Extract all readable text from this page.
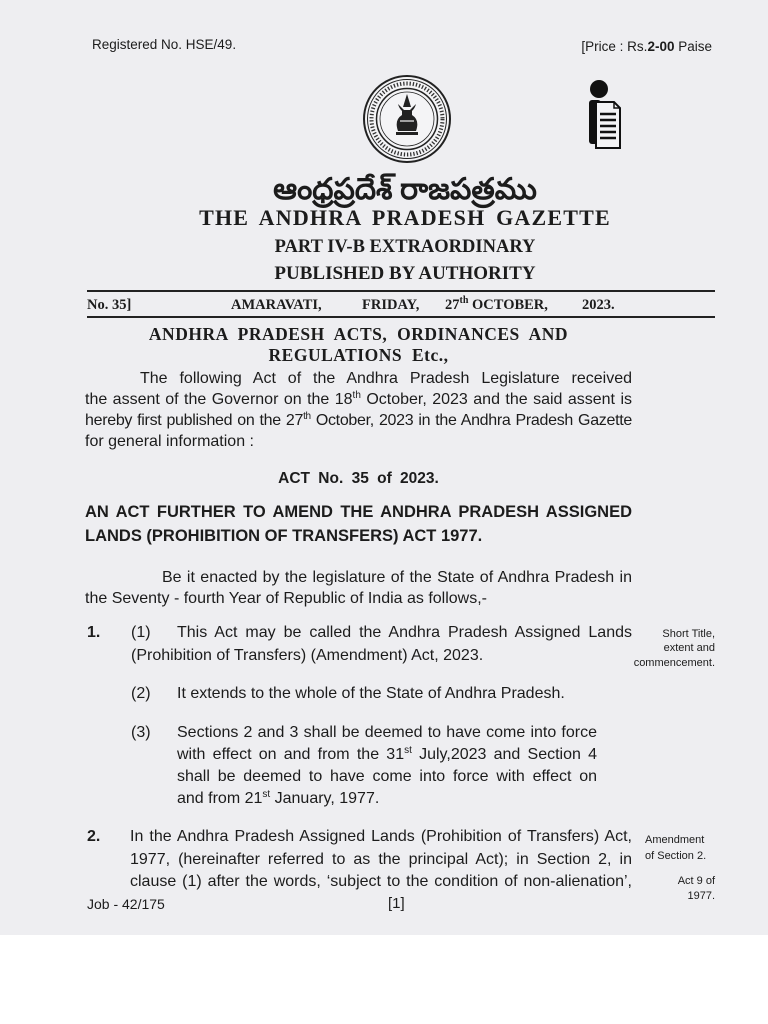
Registered No. HSE/49.	[Price : Rs.2-00 Paise
ఆంధ్రప్రదేశ్ రాజపత్రము
THE ANDHRA PRADESH GAZETTE
PART IV-B EXTRAORDINARY
PUBLISHED BY AUTHORITY
No. 35]	AMARAVATI,	FRIDAY, 27th OCTOBER, 2023.
ANDHRA PRADESH ACTS, ORDINANCES AND
REGULATIONS Etc.,
The following Act of the Andhra Pradesh Legislature received
the assent of the Governor on the 18th October, 2023 and the said assent is
hereby first published on the 27th October, 2023 in the Andhra Pradesh Gazette
for general information :
ACT No. 35 of 2023.
AN ACT FURTHER TO AMEND THE ANDHRA PRADESH ASSIGNED
LANDS (PROHIBITION OF TRANSFERS) ACT 1977.
Be it enacted by the legislature of the State of Andhra Pradesh in
the Seventy - fourth Year of Republic of India as follows,-
1. (1) This Act may be called the Andhra Pradesh Assigned Lands
(Prohibition of Transfers) (Amendment) Act, 2023.
Short Title,
extent and
commencement.
(2) It extends to the whole of the State of Andhra Pradesh.
(3) Sections 2 and 3 shall be deemed to have come into force
with effect on and from the 31st July,2023 and Section 4
shall be deemed to have come into force with effect on
and from 21st January, 1977.
2. In the Andhra Pradesh Assigned Lands (Prohibition of Transfers) Act,
1977, (hereinafter referred to as the principal Act); in Section 2, in
clause (1) after the words, ‘subject to the condition of non-alienation’,
Amendment
of Section 2.
Act 9 of
1977.
Job - 42/175	[1]
